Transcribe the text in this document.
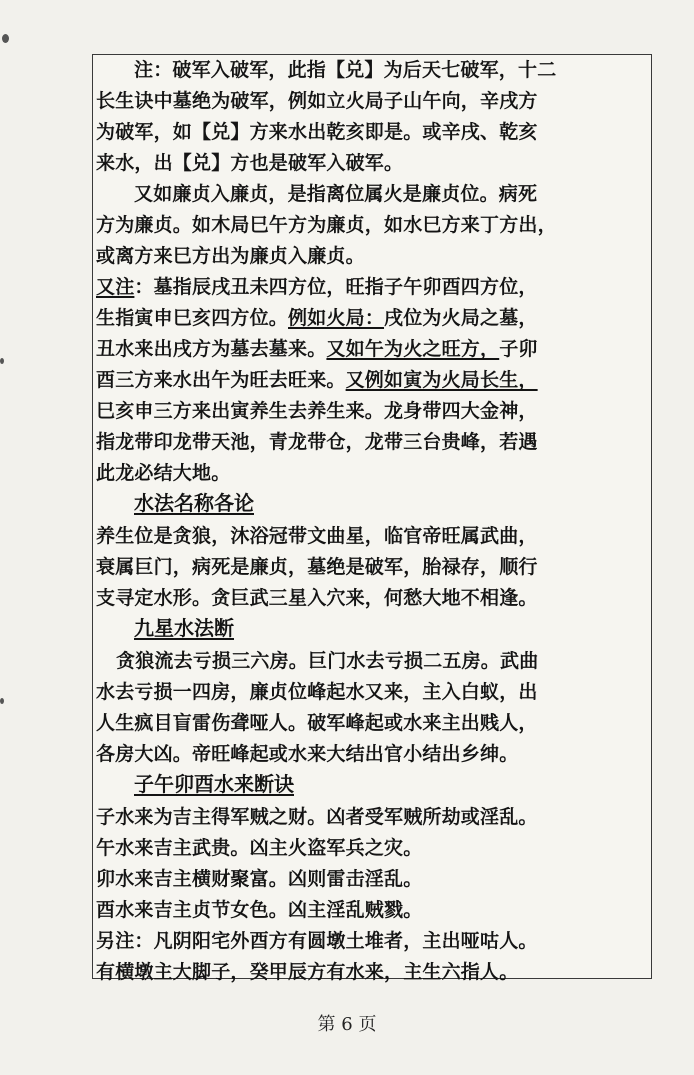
注：破军入破军，此指【兑】为后天七破军，十二
长生诀中墓绝为破军，例如立火局子山午向，辛戌方
为破军，如【兑】方来水出乾亥即是。或辛戌、乾亥
来水，出【兑】方也是破军入破军。
又如廉贞入廉贞，是指离位属火是廉贞位。病死
方为廉贞。如木局巳午方为廉贞，如水巳方来丁方出，
或离方来巳方出为廉贞入廉贞。
又注：墓指辰戌丑未四方位，旺指子午卯酉四方位，
生指寅申巳亥四方位。例如火局：戌位为火局之墓，
丑水来出戌方为墓去墓来。又如午为火之旺方，子卯
酉三方来水出午为旺去旺来。又例如寅为火局长生，
巳亥申三方来出寅养生去养生来。龙身带四大金神，
指龙带印龙带天池，青龙带仓，龙带三台贵峰，若遇
此龙必结大地。
水法名称各论
养生位是贪狼，沐浴冠带文曲星，临官帝旺属武曲，
衰属巨门，病死是廉贞，墓绝是破军，胎禄存，顺行
支寻定水形。贪巨武三星入穴来，何愁大地不相逢。
九星水法断
贪狼流去亏损三六房。巨门水去亏损二五房。武曲
水去亏损一四房，廉贞位峰起水又来，主入白蚁，出
人生疯目盲雷伤聋哑人。破军峰起或水来主出贱人，
各房大凶。帝旺峰起或水来大结出官小结出乡绅。
子午卯酉水来断诀
子水来为吉主得军贼之财。凶者受军贼所劫或淫乱。
午水来吉主武贵。凶主火盗军兵之灾。
卯水来吉主横财聚富。凶则雷击淫乱。
酉水来吉主贞节女色。凶主淫乱贼戮。
另注：凡阴阳宅外酉方有圆墩土堆者，主出哑咕人。
有横墩主大脚子，癸甲辰方有水来，主生六指人。
第 6 页
